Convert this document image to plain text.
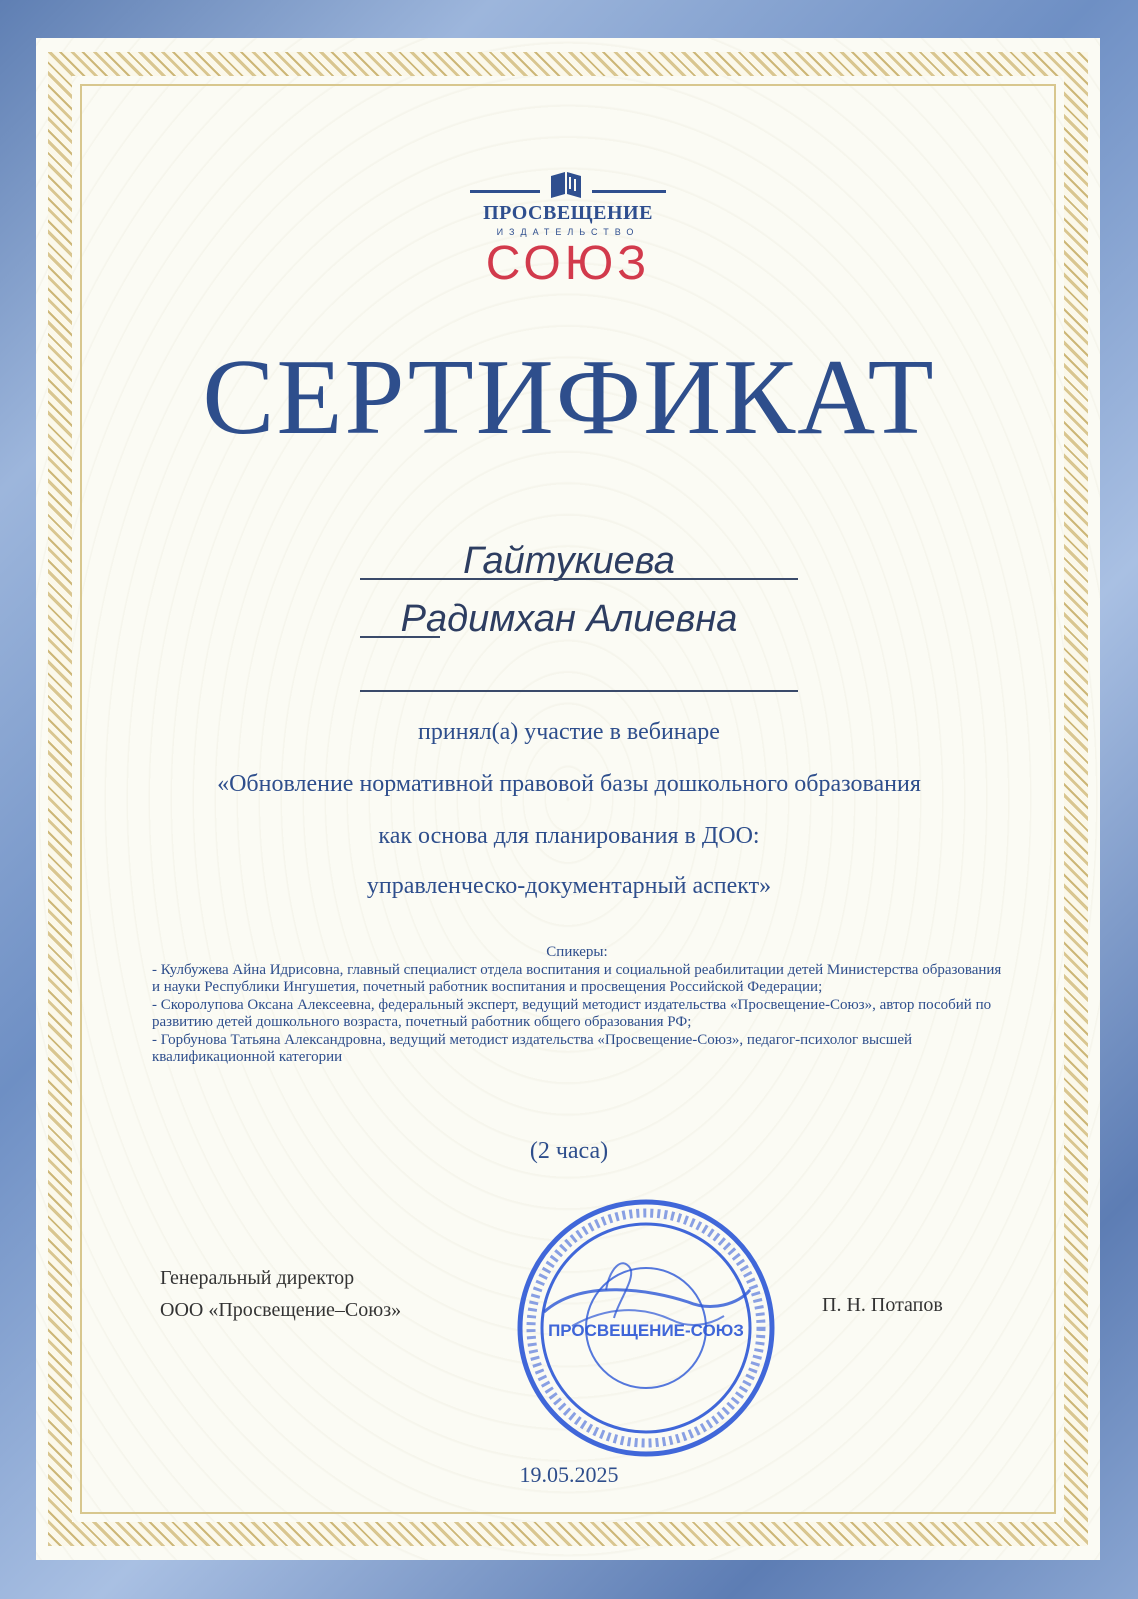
ПРОСВЕЩЕНИЕ
ИЗДАТЕЛЬСТВО
СОЮЗ
СЕРТИФИКАТ
Гайтукиева
Радимхан Алиевна
принял(а) участие в вебинаре
«Обновление нормативной правовой базы дошкольного образования
как основа для планирования в ДОО:
управленческо-документарный аспект»
Спикеры:
- Кулбужева Айна Идрисовна, главный специалист отдела воспитания и социальной реабилитации детей Министерства образования и науки Республики Ингушетия, почетный работник воспитания и просвещения Российской Федерации;
- Скоролупова Оксана Алексеевна, федеральный эксперт, ведущий методист издательства «Просвещение-Союз», автор пособий по развитию детей дошкольного возраста, почетный работник общего образования РФ;
- Горбунова Татьяна Александровна, ведущий методист издательства «Просвещение-Союз», педагог-психолог высшей квалификационной категории
(2 часа)
Генеральный директор
ООО «Просвещение–Союз»
ПРОСВЕЩЕНИЕ-СОЮЗ
П. Н. Потапов
19.05.2025
